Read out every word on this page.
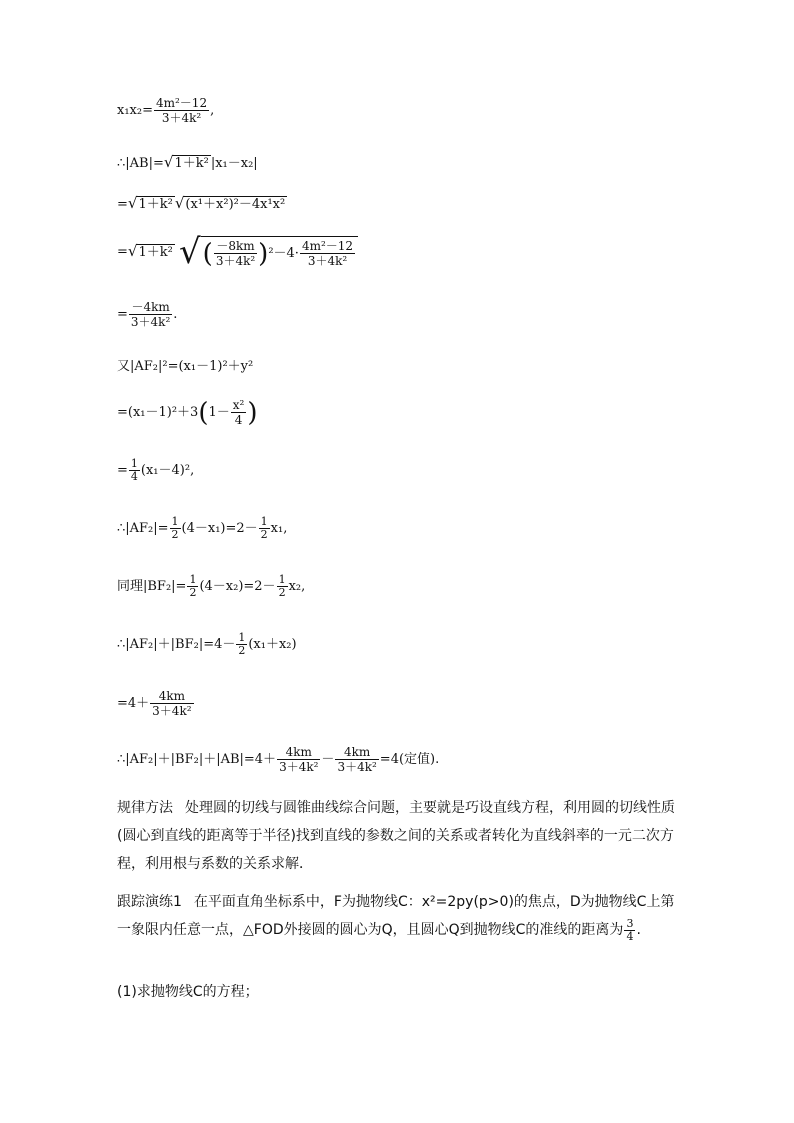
$x_1x_2= \frac{\text{4m²－12}}{\text{3＋4k²}}$ ,
∴|AB|=√1＋k² |x₁－x₂|
=√1＋k² √(x¹＋x²)²－4x¹x²
=√1＋k² √( $\frac{-8km}{\text{3＋4k²}} )^2-4\cdot \frac{\text{4m²－12}}{\text{3＋4k²}}$
= $\frac{-4km}{\text{3＋4k²}}$ .
又|AF₂|²=(x₁－1)²＋y²
$=(x_1-1)^2+3(1- \frac{\text{x²}}{4}$ )
= $\frac{1}{4} (x_1-4)^2$,
∴|AF₂|= $\frac{1}{2} (4-x_1)=2- \frac{1}{2} x_1$,
同理$|BF_2|= \frac{1}{2} (4-x_2)=2- \frac{1}{2} x_2$,
∴|AF₂|＋|BF₂|=4－ $\frac{1}{2} (x_1+x_2)$
$=4+ \frac{4km}{\text{3＋4k²}}$
∴|AF₂|＋|BF₂|＋|AB|=4＋ $\frac{4km}{\text{3＋4k²}} - \frac{4km}{\text{3＋4k²}} =4$(定值).
规律方法 处理圆的切线与圆锥曲线综合问题，主要就是巧设直线方程，利用圆的切线性质(圆心到直线的距离等于半径)找到直线的参数之间的关系或者转化为直线斜率的一元二次方程，利用根与系数的关系求解．
跟踪演练1 在平面直角坐标系中，F为抛物线C：x²=2py(p>0)的焦点，D为抛物线C上第一象限内任意一点，△FOD外接圆的圆心为Q，且圆心Q到抛物线C的准线的距离为 $\frac{3}{4}$ .
(1)求抛物线C的方程；
